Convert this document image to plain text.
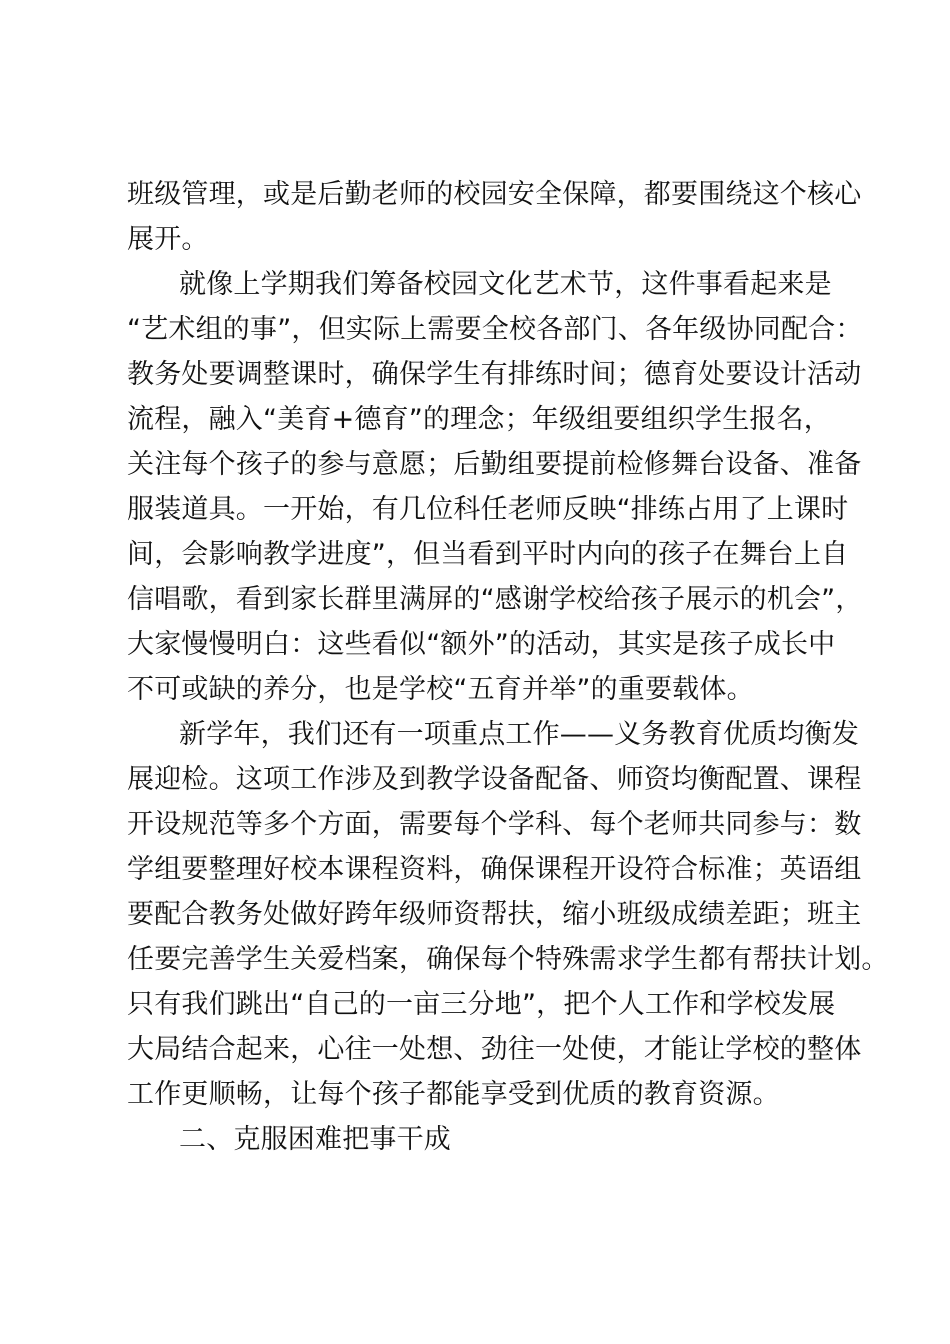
班级管理，或是后勤老师的校园安全保障，都要围绕这个核心
展开。
就像上学期我们筹备校园文化艺术节，这件事看起来是
“艺术组的事”，但实际上需要全校各部门、各年级协同配合：
教务处要调整课时，确保学生有排练时间；德育处要设计活动
流程，融入“美育+德育”的理念；年级组要组织学生报名，
关注每个孩子的参与意愿；后勤组要提前检修舞台设备、准备
服装道具。一开始，有几位科任老师反映“排练占用了上课时
间，会影响教学进度”，但当看到平时内向的孩子在舞台上自
信唱歌，看到家长群里满屏的“感谢学校给孩子展示的机会”，
大家慢慢明白：这些看似“额外”的活动，其实是孩子成长中
不可或缺的养分，也是学校“五育并举”的重要载体。
新学年，我们还有一项重点工作——义务教育优质均衡发
展迎检。这项工作涉及到教学设备配备、师资均衡配置、课程
开设规范等多个方面，需要每个学科、每个老师共同参与：数
学组要整理好校本课程资料，确保课程开设符合标准；英语组
要配合教务处做好跨年级师资帮扶，缩小班级成绩差距；班主
任要完善学生关爱档案，确保每个特殊需求学生都有帮扶计划。
只有我们跳出“自己的一亩三分地”，把个人工作和学校发展
大局结合起来，心往一处想、劲往一处使，才能让学校的整体
工作更顺畅，让每个孩子都能享受到优质的教育资源。
二、克服困难把事干成
